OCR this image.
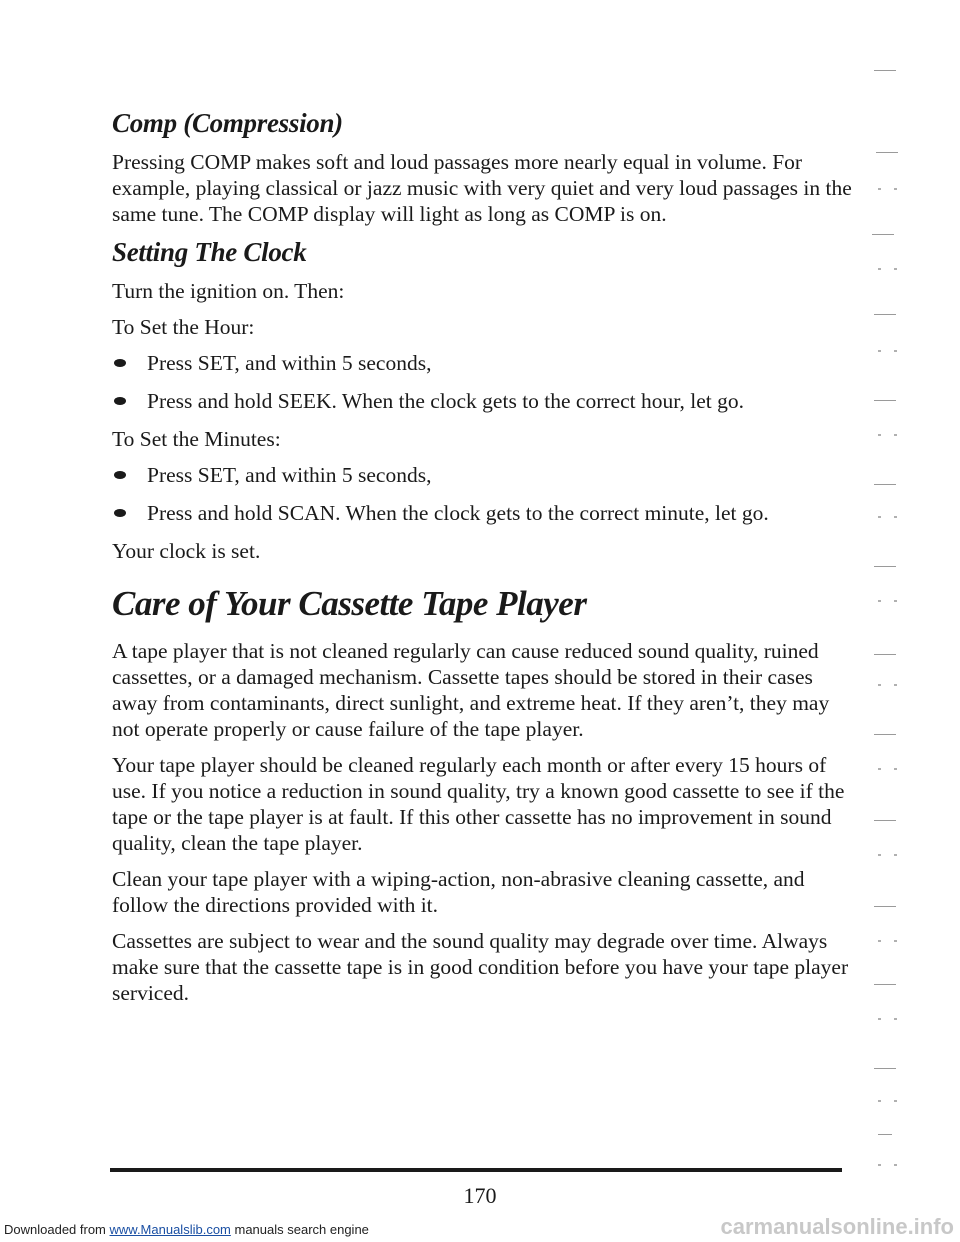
Comp (Compression)

Pressing COMP makes soft and loud passages more nearly equal in volume. For example, playing classical or jazz music with very quiet and very loud passages in the same tune. The COMP display will light as long as COMP is on.

Setting The Clock

Turn the ignition on. Then:

To Set the Hour:

Press SET, and within 5 seconds,
Press and hold SEEK. When the clock gets to the correct hour, let go.

To Set the Minutes:

Press SET, and within 5 seconds,
Press and hold SCAN. When the clock gets to the correct minute, let go.

Your clock is set.

Care of Your Cassette Tape Player

A tape player that is not cleaned regularly can cause reduced sound quality, ruined cassettes, or a damaged mechanism. Cassette tapes should be stored in their cases away from contaminants, direct sunlight, and extreme heat. If they aren’t, they may not operate properly or cause failure of the tape player.

Your tape player should be cleaned regularly each month or after every 15 hours of use. If you notice a reduction in sound quality, try a known good cassette to see if the tape or the tape player is at fault. If this other cassette has no improvement in sound quality, clean the tape player.

Clean your tape player with a wiping-action, non-abrasive cleaning cassette, and follow the directions provided with it.

Cassettes are subject to wear and the sound quality may degrade over time. Always make sure that the cassette tape is in good condition before you have your tape player serviced.

170
Downloaded from www.Manualslib.com manuals search engine	carmanualsonline.info
